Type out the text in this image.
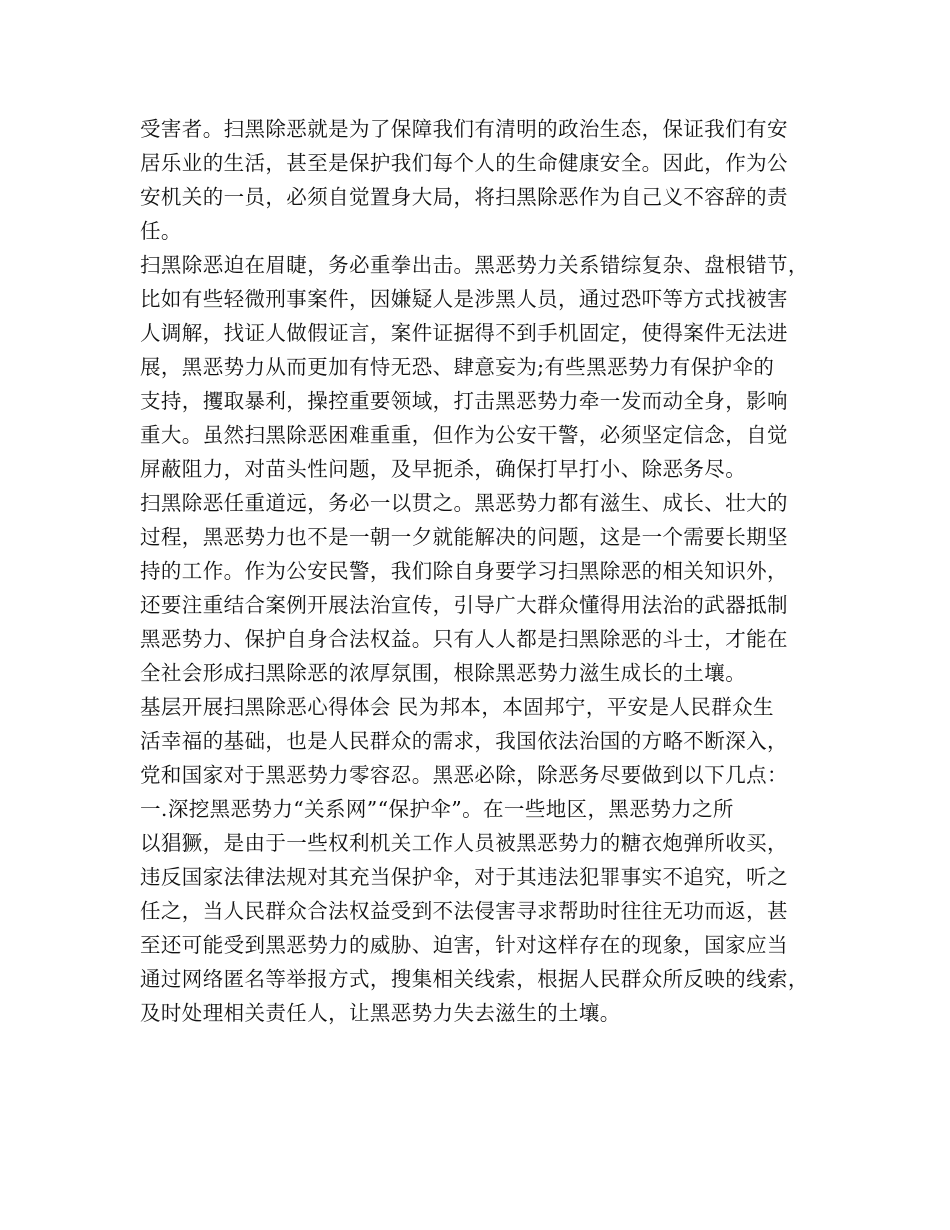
受害者。扫黑除恶就是为了保障我们有清明的政治生态，保证我们有安
居乐业的生活，甚至是保护我们每个人的生命健康安全。因此，作为公
安机关的一员，必须自觉置身大局，将扫黑除恶作为自己义不容辞的责
任。
扫黑除恶迫在眉睫，务必重拳出击。黑恶势力关系错综复杂、盘根错节，
比如有些轻微刑事案件，因嫌疑人是涉黑人员，通过恐吓等方式找被害
人调解，找证人做假证言，案件证据得不到手机固定，使得案件无法进
展，黑恶势力从而更加有恃无恐、肆意妄为;有些黑恶势力有保护伞的
支持，攫取暴利，操控重要领域，打击黑恶势力牵一发而动全身，影响
重大。虽然扫黑除恶困难重重，但作为公安干警，必须坚定信念，自觉
屏蔽阻力，对苗头性问题，及早扼杀，确保打早打小、除恶务尽。
扫黑除恶任重道远，务必一以贯之。黑恶势力都有滋生、成长、壮大的
过程，黑恶势力也不是一朝一夕就能解决的问题，这是一个需要长期坚
持的工作。作为公安民警，我们除自身要学习扫黑除恶的相关知识外，
还要注重结合案例开展法治宣传，引导广大群众懂得用法治的武器抵制
黑恶势力、保护自身合法权益。只有人人都是扫黑除恶的斗士，才能在
全社会形成扫黑除恶的浓厚氛围，根除黑恶势力滋生成长的土壤。
基层开展扫黑除恶心得体会 民为邦本，本固邦宁，平安是人民群众生
活幸福的基础，也是人民群众的需求，我国依法治国的方略不断深入，
党和国家对于黑恶势力零容忍。黑恶必除，除恶务尽要做到以下几点：
一.深挖黑恶势力“关系网”“保护伞”。在一些地区，黑恶势力之所
以猖獗，是由于一些权利机关工作人员被黑恶势力的糖衣炮弹所收买，
违反国家法律法规对其充当保护伞，对于其违法犯罪事实不追究，听之
任之，当人民群众合法权益受到不法侵害寻求帮助时往往无功而返，甚
至还可能受到黑恶势力的威胁、迫害，针对这样存在的现象，国家应当
通过网络匿名等举报方式，搜集相关线索，根据人民群众所反映的线索，
及时处理相关责任人，让黑恶势力失去滋生的土壤。
